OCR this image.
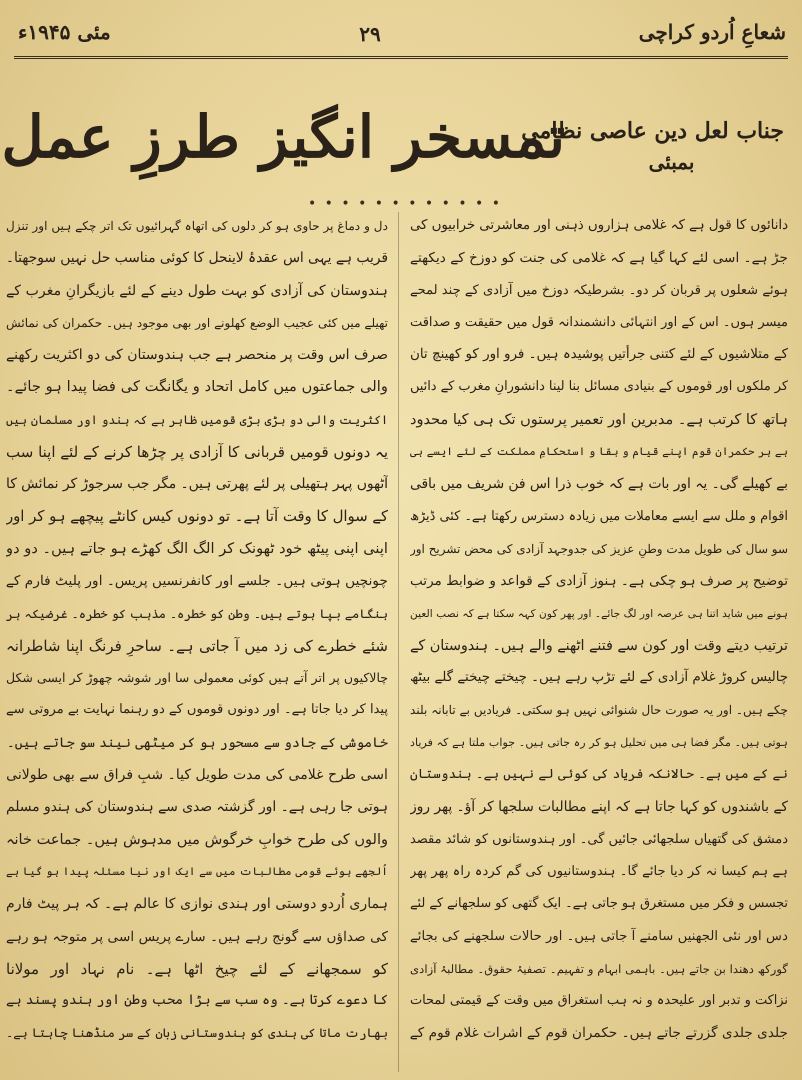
مئی ۱۹۴۵ء	۲۹	شعاعِ اُردو کراچی
تمسخر انگیز طرزِ عمل
جناب لعل دین عاصی نظامی
بمبئی
• • • • • • • • • • • •
دانائوں کا قول ہے کہ غلامی ہزاروں ذہنی اور معاشرتی خرابیوں کی
جڑ ہے۔ اسی لئے کہا گیا ہے کہ غلامی کی جنت کو دوزخ کے دیکھتے
ہوئے شعلوں پر قربان کر دو۔ بشرطیکہ دوزخ میں آزادی کے چند لمحے
میسر ہوں۔ اس کے اور انتہائی دانشمندانہ قول میں حقیقت و صداقت
کے متلاشیوں کے لئے کتنی جرأتیں پوشیدہ ہیں۔ فرو اور کو کھینچ تان
کر ملکوں اور قوموں کے بنیادی مسائل بنا لینا دانشورانِ مغرب کے دائیں
ہاتھ کا کرتب ہے۔ مدبرین اور تعمیر پرستوں تک ہی کیا محدود
ہے ہر حکمران قوم اپنے قیام و بقا و استحکامِ مملکت کے لئے ایسے ہی
بے کھیلے گی۔ یہ اور بات ہے کہ خوب ذرا اس فن شریف میں باقی
اقوام و ملل سے ایسے معاملات میں زیادہ دسترس رکھتا ہے۔ کئی ڈیڑھ
سو سال کی طویل مدت وطنِ عزیز کی جدوجہد آزادی کی محض تشریح اور
توضیح پر صرف ہو چکی ہے۔ ہنوز آزادی کے قواعد و ضوابط مرتب
ہونے میں شاید اتنا ہی عرصہ اور لگ جائے۔ اور پھر کون کہہ سکتا ہے کہ نصب العین
ترتیب دیتے وقت اور کون سے فتنے اٹھنے والے ہیں۔ ہندوستان کے
چالیس کروڑ غلام آزادی کے لئے تڑپ رہے ہیں۔ چیختے چیختے گلے بیٹھ
چکے ہیں۔ اور یہ صورت حال شنوائی نہیں ہو سکتی۔ فریادیں بے تابانہ بلند
ہوتی ہیں۔ مگر فضا ہی میں تحلیل ہو کر رہ جاتی ہیں۔ جواب ملتا ہے کہ فریاد
نے کے میں ہے۔ حالانکہ فریاد کی کوئی لے نہیں ہے۔ ہندوستان
کے باشندوں کو کہا جاتا ہے کہ اپنے مطالبات سلجھا کر آؤ۔ پھر روز
دمشق کی گتھیاں سلجھائی جائیں گی۔ اور ہندوستانوں کو شائد مقصد
ہے ہم کیسا نہ کر دیا جائے گا۔ ہندوستانیوں کی گم کردہ راہ پھر پھر
تجسس و فکر میں مستغرق ہو جاتی ہے۔ ایک گتھی کو سلجھانے کے لئے
دس اور نئی الجھنیں سامنے آ جاتی ہیں۔ اور حالات سلجھنے کی بجائے
گورکھ دھندا بن جاتے ہیں۔ باہمی ابہام و تفہیم۔ تصفیۂ حقوق۔ مطالبۂ آزادی
نزاکت و تدبر اور علیحدہ و نہ ہب استغراق میں وقت کے قیمتی لمحات
جلدی جلدی گزرتے جاتے ہیں۔ حکمران قوم کے اشرات غلام قوم کے
دل و دماغ پر حاوی ہو کر دلوں کی اتھاہ گہرائیوں تک اتر چکے ہیں اور تنزل
قریب ہے یہی اس عقدۂ لاینحل کا کوئی مناسب حل نہیں سوجھتا۔
ہندوستان کی آزادی کو بہت طول دینے کے لئے بازیگرانِ مغرب کے
تھیلے میں کئی عجیب الوضع کھلونے اور بھی موجود ہیں۔ حکمران کی نمائش
صرف اس وقت پر منحصر ہے جب ہندوستان کی دو اکثریت رکھنے
والی جماعتوں میں کامل اتحاد و یگانگت کی فضا پیدا ہو جائے۔
اکثریت والی دو بڑی بڑی قومیں ظاہر ہے کہ ہندو اور مسلمان ہیں
یہ دونوں قومیں قربانی کا آزادی پر چڑھا کرنے کے لئے اپنا سب
آٹھوں پہر ہتھیلی پر لئے پھرتی ہیں۔ مگر جب سرجوڑ کر نمائش کا
کے سوال کا وقت آتا ہے۔ تو دونوں کیس کانٹے پیچھے ہو کر اور
اپنی اپنی پیٹھ خود ٹھونک کر الگ الگ کھڑے ہو جاتے ہیں۔ دو دو
چونچیں ہوتی ہیں۔ جلسے اور کانفرنسیں پریس۔ اور پلیٹ فارم کے
ہنگامے بپا ہوتے ہیں۔ وطن کو خطرہ۔ مذہب کو خطرہ۔ غرضیکہ ہر
شئے خطرے کی زد میں آ جاتی ہے۔ ساحرِ فرنگ اپنا شاطرانہ
چالاکیوں پر اتر آتے ہیں کوئی معمولی سا اور شوشہ چھوڑ کر ایسی شکل
پیدا کر دیا جاتا ہے۔ اور دونوں قوموں کے دو رہنما نہایت بے مروتی سے
خاموشی کے جادو سے مسحور ہو کر میٹھی نیند سو جاتے ہیں۔
اسی طرح غلامی کی مدت طویل کیا۔ شبِ فراق سے بھی طولانی
ہوتی جا رہی ہے۔ اور گزشتہ صدی سے ہندوستان کی ہندو مسلم
والوں کی طرح خوابِ خرگوش میں مدہوش ہیں۔ جماعت خانہ
اُلجھے ہوئے قومی مطالبات میں سے ایک اور نیا مسئلہ پیدا ہو گیا ہے
ہماری اُردو دوستی اور ہندی نوازی کا عالم ہے۔ کہ ہر پیٹ فارم
کی صداؤں سے گونج رہے ہیں۔ سارے پریس اسی پر متوجہ ہو رہے
کو سمجھانے کے لئے چیخ اٹھا ہے۔ نام نہاد اور مولانا
کا دعوے کرتا ہے۔ وہ سب سے بڑا محب وطن اور ہندو پسند ہے
بھارت ماتا کی ہندی کو ہندوستانی زبان کے سر منڈھنا چاہتا ہے۔
